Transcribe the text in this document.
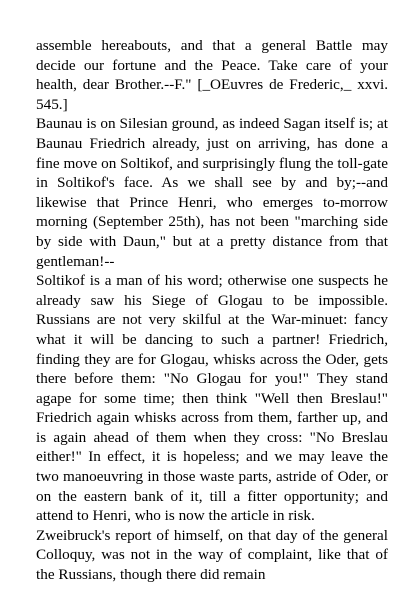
assemble hereabouts, and that a general Battle may decide our fortune and the Peace. Take care of your health, dear Brother.--F." [_OEuvres de Frederic,_ xxvi. 545.]

Baunau is on Silesian ground, as indeed Sagan itself is; at Baunau Friedrich already, just on arriving, has done a fine move on Soltikof, and surprisingly flung the toll-gate in Soltikof's face. As we shall see by and by;--and likewise that Prince Henri, who emerges to-morrow morning (September 25th), has not been "marching side by side with Daun," but at a pretty distance from that gentleman!--

Soltikof is a man of his word; otherwise one suspects he already saw his Siege of Glogau to be impossible. Russians are not very skilful at the War-minuet: fancy what it will be dancing to such a partner! Friedrich, finding they are for Glogau, whisks across the Oder, gets there before them: "No Glogau for you!" They stand agape for some time; then think "Well then Breslau!" Friedrich again whisks across from them, farther up, and is again ahead of them when they cross: "No Breslau either!" In effect, it is hopeless; and we may leave the two manoeuvring in those waste parts, astride of Oder, or on the eastern bank of it, till a fitter opportunity; and attend to Henri, who is now the article in risk.

Zweibruck's report of himself, on that day of the general Colloquy, was not in the way of complaint, like that of the Russians, though there did remain
